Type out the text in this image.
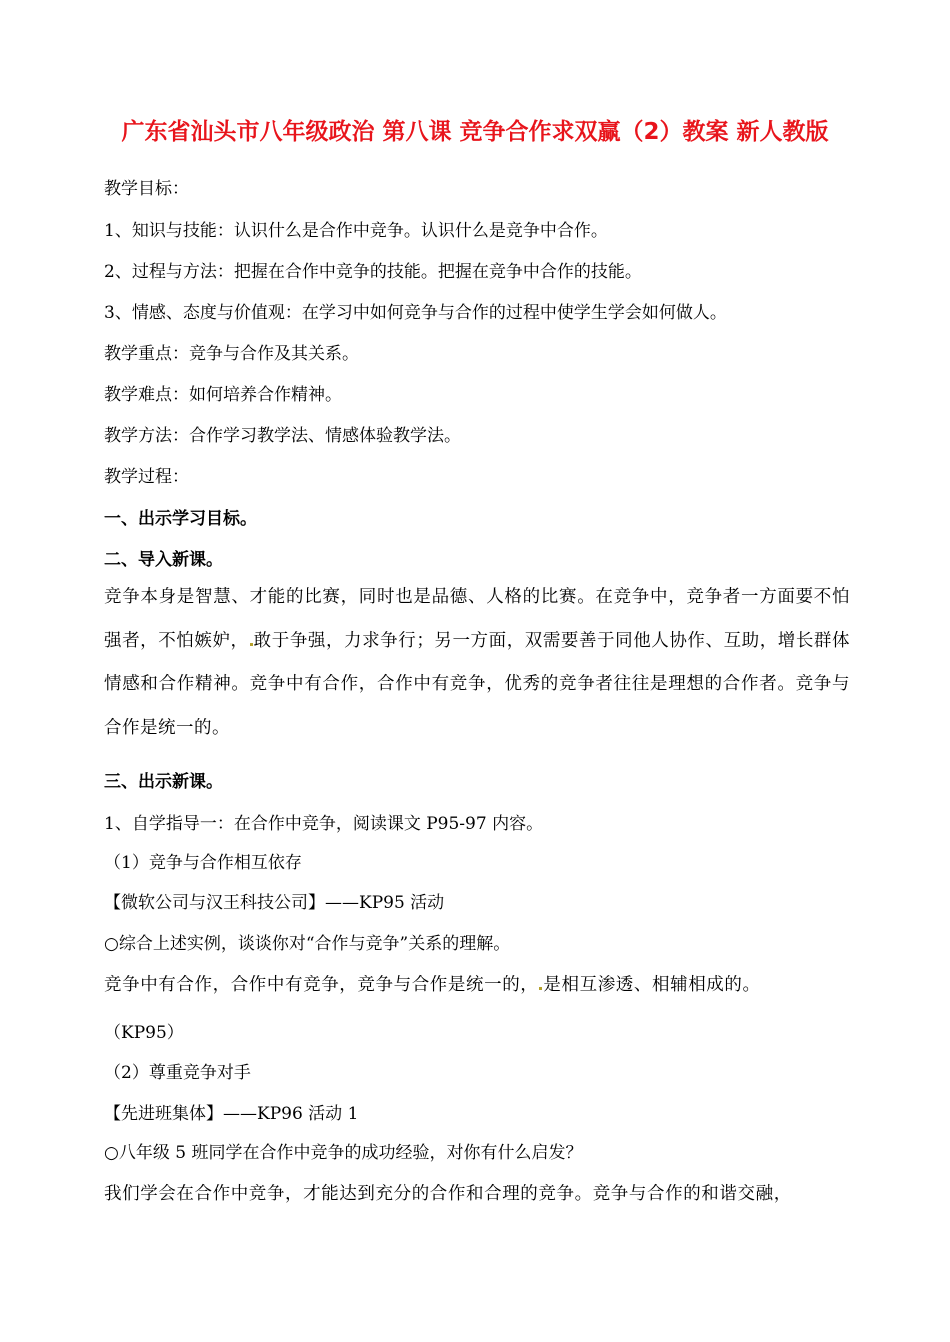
广东省汕头市八年级政治 第八课 竞争合作求双赢（2）教案 新人教版
教学目标：
1、知识与技能：认识什么是合作中竞争。认识什么是竞争中合作。
2、过程与方法：把握在合作中竞争的技能。把握在竞争中合作的技能。
3、情感、态度与价值观：在学习中如何竞争与合作的过程中使学生学会如何做人。
教学重点：竞争与合作及其关系。
教学难点：如何培养合作精神。
教学方法：合作学习教学法、情感体验教学法。
教学过程：
一、出示学习目标。
二、导入新课。
竞争本身是智慧、才能的比赛，同时也是品德、人格的比赛。在竞争中，竞争者一方面要不怕强者，不怕嫉妒， 敢于争强，力求争行；另一方面，双需要善于同他人协作、互助，增长群体情感和合作精神。竞争中有合作，合作中有竞争，优秀的竞争者往往是理想的合作者。竞争与合作是统一的。
三、出示新课。
1、自学指导一：在合作中竞争，阅读课文 P95-97 内容。
（1）竞争与合作相互依存
【微软公司与汉王科技公司】——KP95 活动
○综合上述实例，谈谈你对“合作与竞争”关系的理解。
竞争中有合作，合作中有竞争，竞争与合作是统一的， 是相互渗透、相辅相成的。
（KP95）
（2）尊重竞争对手
【先进班集体】——KP96 活动 1
○八年级 5 班同学在合作中竞争的成功经验，对你有什么启发？
我们学会在合作中竞争，才能达到充分的合作和合理的竞争。竞争与合作的和谐交融，
